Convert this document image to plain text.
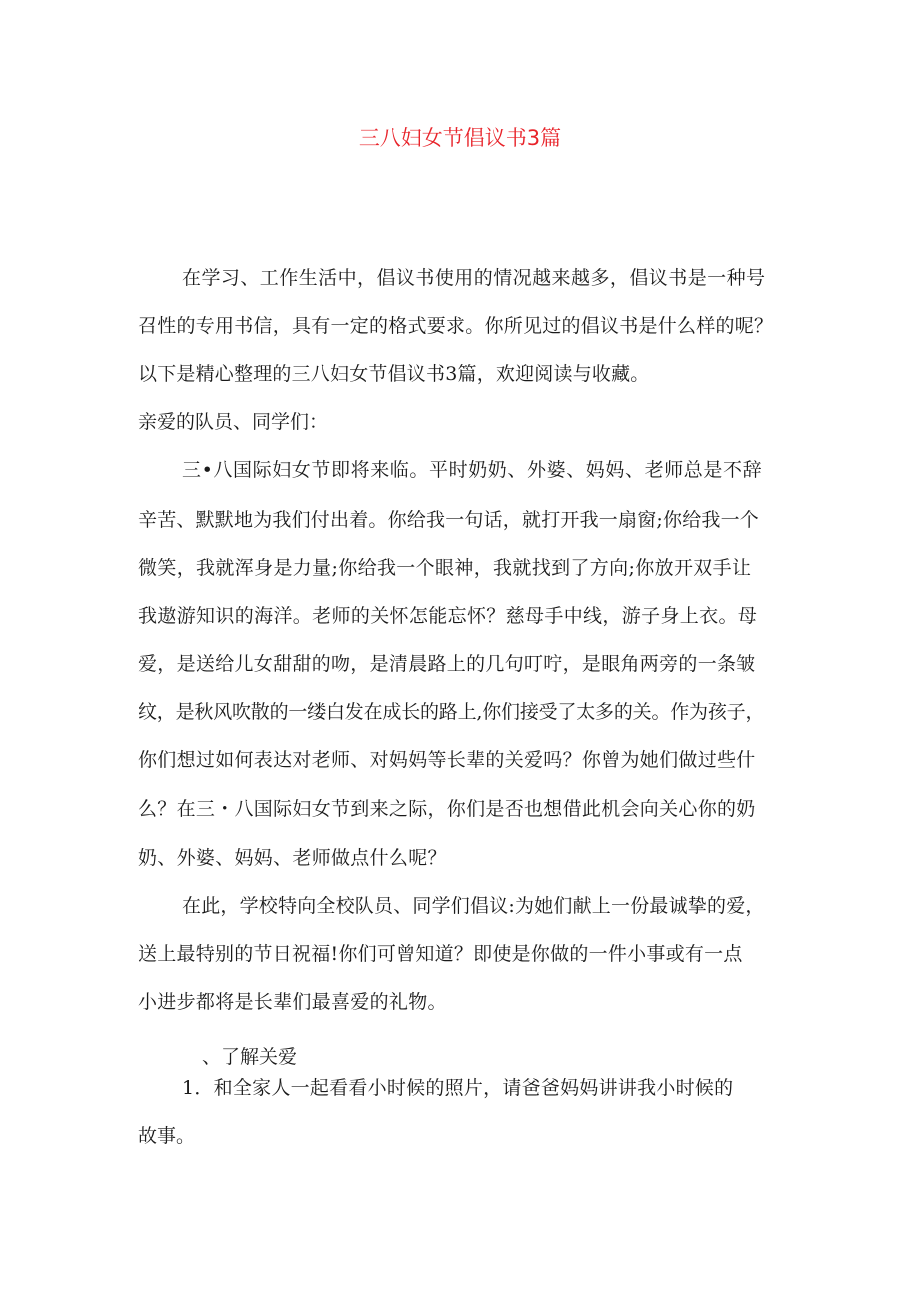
三八妇女节倡议书3篇
在学习、工作生活中，倡议书使用的情况越来越多，倡议书是一种号
召性的专用书信，具有一定的格式要求。你所见过的倡议书是什么样的呢？
以下是精心整理的三八妇女节倡议书3篇，欢迎阅读与收藏。
亲爱的队员、同学们：
三•八国际妇女节即将来临。平时奶奶、外婆、妈妈、老师总是不辞
辛苦、默默地为我们付出着。你给我一句话，就打开我一扇窗;你给我一个
微笑，我就浑身是力量;你给我一个眼神，我就找到了方向;你放开双手让
我遨游知识的海洋。老师的关怀怎能忘怀？慈母手中线，游子身上衣。母
爱，是送给儿女甜甜的吻，是清晨路上的几句叮咛，是眼角两旁的一条皱
纹，是秋风吹散的一缕白发在成长的路上,你们接受了太多的关。作为孩子，
你们想过如何表达对老师、对妈妈等长辈的关爱吗？你曾为她们做过些什
么？在三・八国际妇女节到来之际，你们是否也想借此机会向关心你的奶
奶、外婆、妈妈、老师做点什么呢？
在此，学校特向全校队员、同学们倡议:为她们献上一份最诚挚的爱，
送上最特别的节日祝福!你们可曾知道？即使是你做的一件小事或有一点
小进步都将是长辈们最喜爱的礼物。
、了解关爱
1．和全家人一起看看小时候的照片，请爸爸妈妈讲讲我小时候的
故事。
